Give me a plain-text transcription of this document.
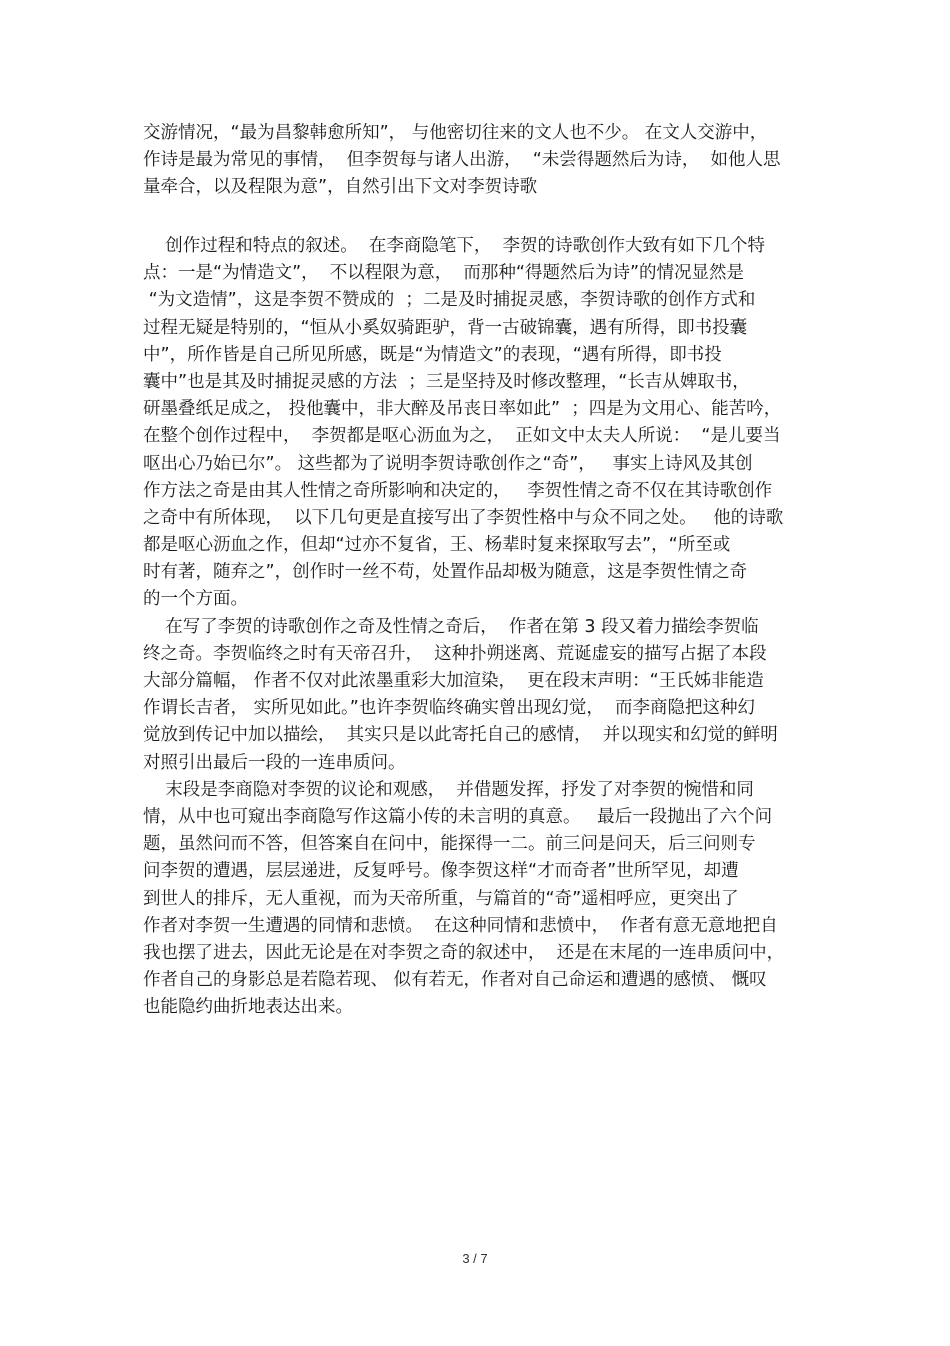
交游情况，“最为昌黎韩愈所知”， 与他密切往来的文人也不少。 在文人交游中，
作诗是最为常见的事情，  但李贺每与诸人出游，  “未尝得题然后为诗，  如他人思
量牵合，以及程限为意”，自然引出下文对李贺诗歌
创作过程和特点的叙述。  在李商隐笔下，  李贺的诗歌创作大致有如下几个特
点：一是“为情造文”，  不以程限为意，  而那种“得题然后为诗”的情况显然是
“为文造情”，这是李贺不赞成的  ；二是及时捕捉灵感，李贺诗歌的创作方式和
过程无疑是特别的，“恒从小奚奴骑距驴，背一古破锦囊，遇有所得，即书投囊
中”，所作皆是自己所见所感，既是“为情造文”的表现，“遇有所得，即书投
囊中”也是其及时捕捉灵感的方法  ；三是坚持及时修改整理，“长吉从婢取书，
研墨叠纸足成之， 投他囊中，非大醉及吊丧日率如此”  ；四是为文用心、能苦吟，
在整个创作过程中，  李贺都是呕心沥血为之，  正如文中太夫人所说：  “是儿要当
呕出心乃始已尔”。 这些都为了说明李贺诗歌创作之“奇”，   事实上诗风及其创
作方法之奇是由其人性情之奇所影响和决定的，   李贺性情之奇不仅在其诗歌创作
之奇中有所体现，  以下几句更是直接写出了李贺性格中与众不同之处。   他的诗歌
都是呕心沥血之作，但却“过亦不复省，王、杨辈时复来探取写去”，“所至或
时有著，随弃之”，创作时一丝不苟，处置作品却极为随意，这是李贺性情之奇
的一个方面。
在写了李贺的诗歌创作之奇及性情之奇后，  作者在第 3 段又着力描绘李贺临
终之奇。李贺临终之时有天帝召升，  这种扑朔迷离、荒诞虚妄的描写占据了本段
大部分篇幅， 作者不仅对此浓墨重彩大加渲染，  更在段末声明：“王氏姊非能造
作谓长吉者， 实所见如此。”也许李贺临终确实曾出现幻觉，  而李商隐把这种幻
觉放到传记中加以描绘，  其实只是以此寄托自己的感情，  并以现实和幻觉的鲜明
对照引出最后一段的一连串质问。
末段是李商隐对李贺的议论和观感，  并借题发挥，抒发了对李贺的惋惜和同
情，从中也可窥出李商隐写作这篇小传的未言明的真意。   最后一段抛出了六个问
题，虽然问而不答，但答案自在问中，能探得一二。前三问是问天，后三问则专
问李贺的遭遇，层层递进，反复呼号。像李贺这样“才而奇者”世所罕见，却遭
到世人的排斥，无人重视，而为天帝所重，与篇首的“奇”遥相呼应，更突出了
作者对李贺一生遭遇的同情和悲愤。  在这种同情和悲愤中，  作者有意无意地把自
我也摆了进去，因此无论是在对李贺之奇的叙述中，  还是在末尾的一连串质问中，
作者自己的身影总是若隐若现、 似有若无，作者对自己命运和遭遇的感愤、 慨叹
也能隐约曲折地表达出来。
3 / 7
